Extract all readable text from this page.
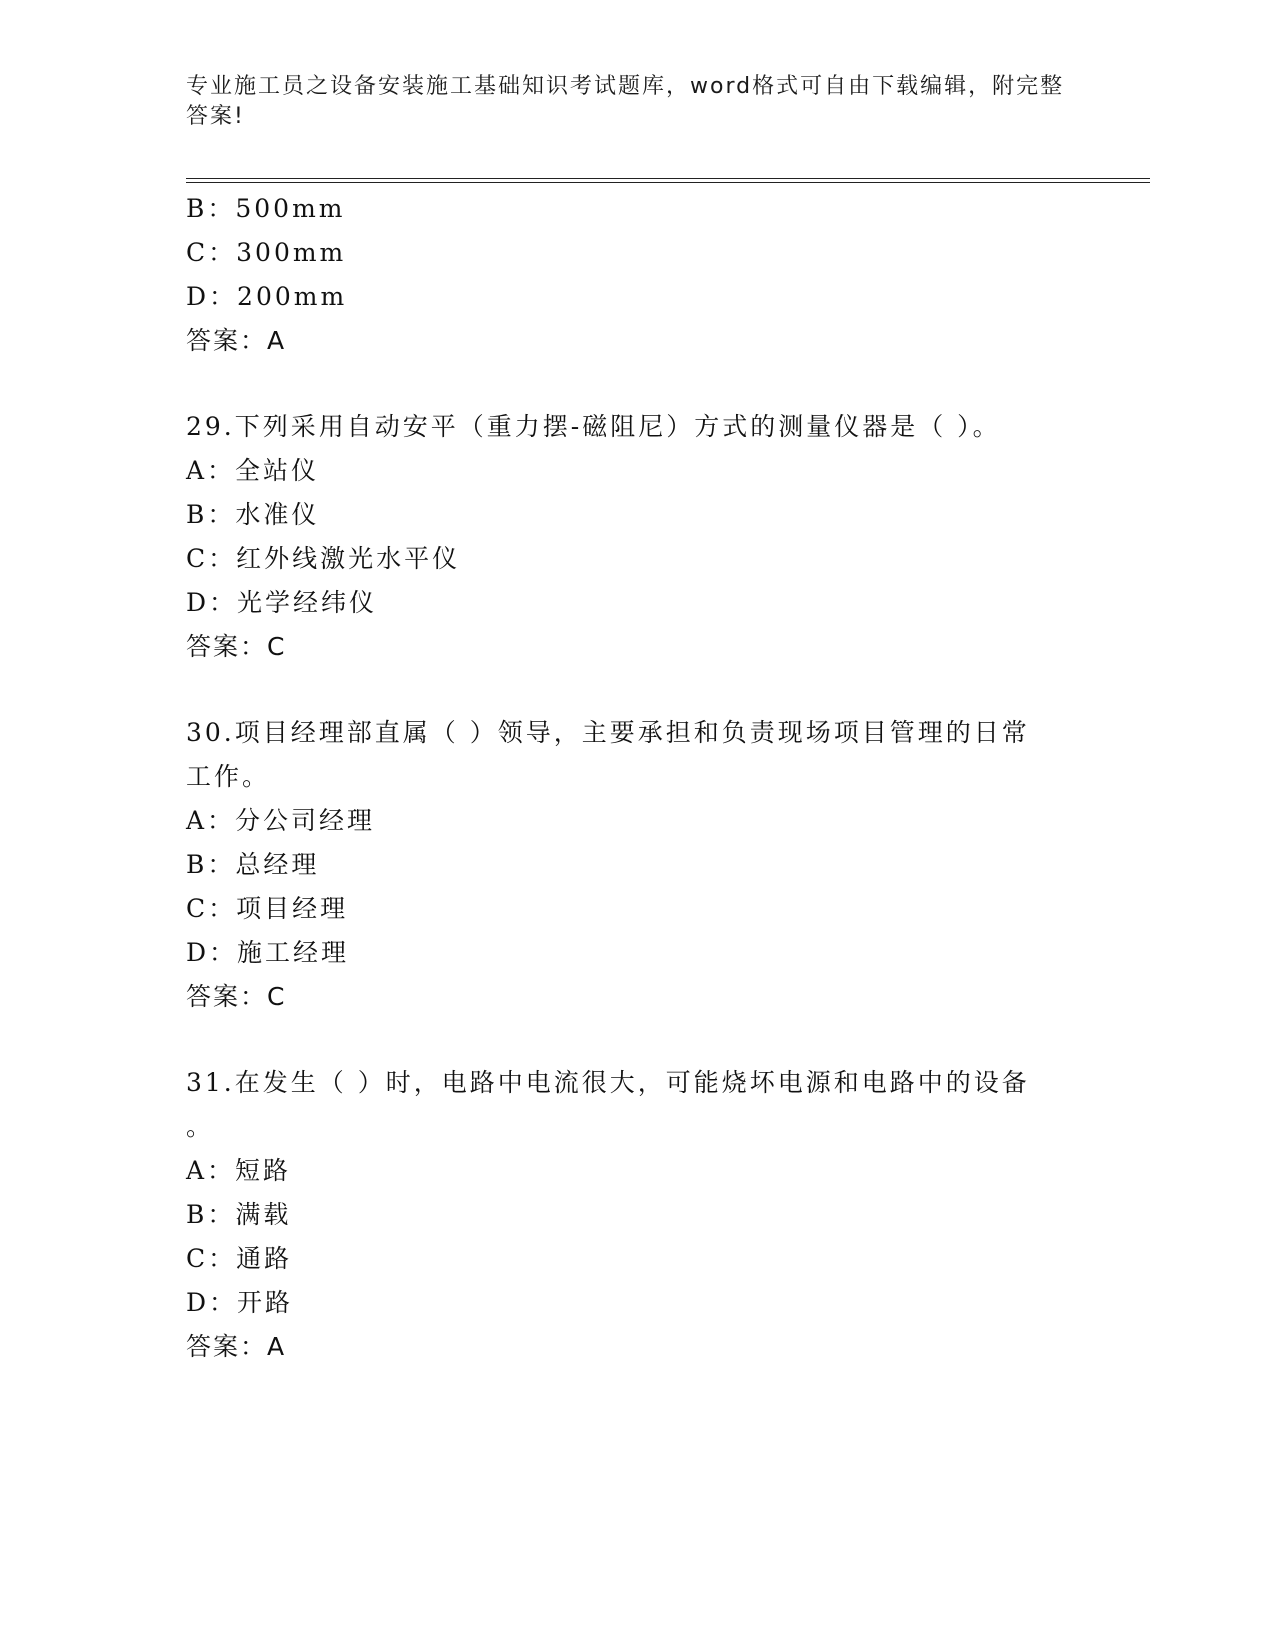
专业施工员之设备安装施工基础知识考试题库，word格式可自由下载编辑，附完整答案!
B：500mm
C：300mm
D：200mm
答案：A
29.下列采用自动安平（重力摆-磁阻尼）方式的测量仪器是（ ）。
A：全站仪
B：水准仪
C：红外线激光水平仪
D：光学经纬仪
答案：C
30.项目经理部直属（ ）领导，主要承担和负责现场项目管理的日常
工作。
A：分公司经理
B：总经理
C：项目经理
D：施工经理
答案：C
31.在发生（ ）时，电路中电流很大，可能烧坏电源和电路中的设备
。
A：短路
B：满载
C：通路
D：开路
答案：A
